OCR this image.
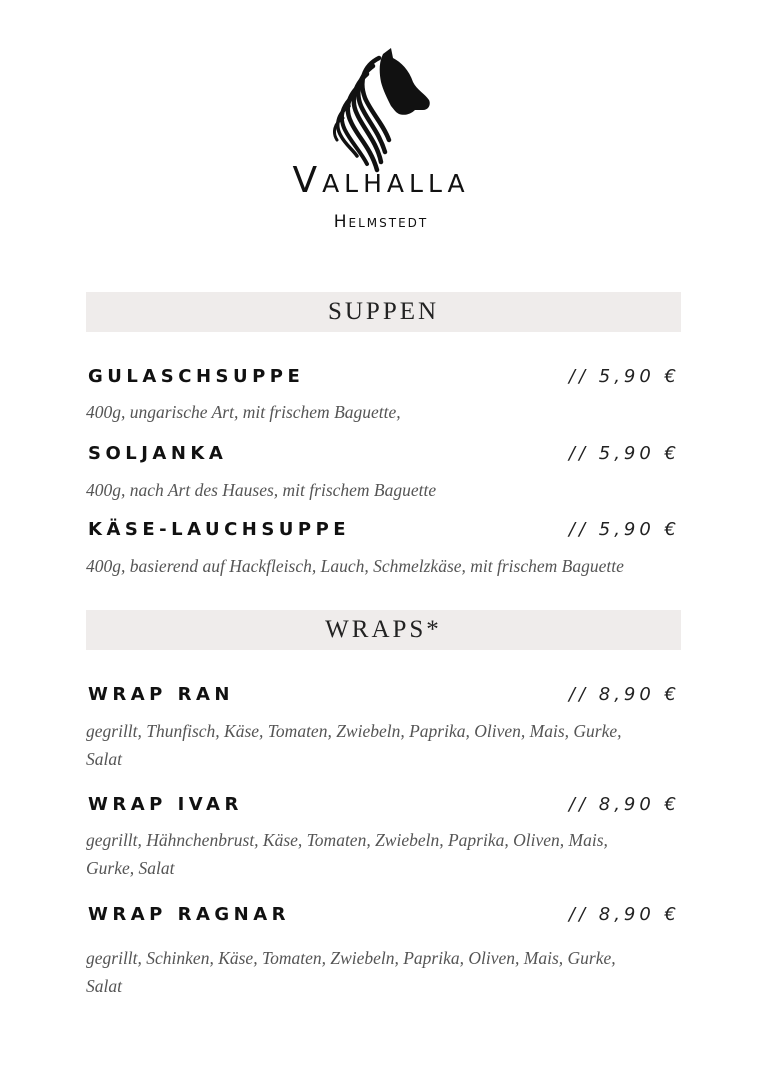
Valhalla
Helmstedt
SUPPEN
GULASCHSUPPE	// 5,90 €
400g, ungarische Art, mit frischem Baguette,
SOLJANKA	// 5,90 €
400g, nach Art des Hauses, mit frischem Baguette
KÄSE-LAUCHSUPPE	// 5,90 €
400g, basierend auf Hackfleisch, Lauch, Schmelzkäse, mit frischem Baguette
WRAPS*
WRAP RAN	// 8,90 €
gegrillt, Thunfisch, Käse, Tomaten, Zwiebeln, Paprika, Oliven, Mais, Gurke, Salat
WRAP IVAR	// 8,90 €
gegrillt, Hähnchenbrust, Käse, Tomaten, Zwiebeln, Paprika, Oliven, Mais, Gurke, Salat
WRAP RAGNAR	// 8,90 €
gegrillt, Schinken, Käse, Tomaten, Zwiebeln, Paprika, Oliven, Mais, Gurke, Salat
